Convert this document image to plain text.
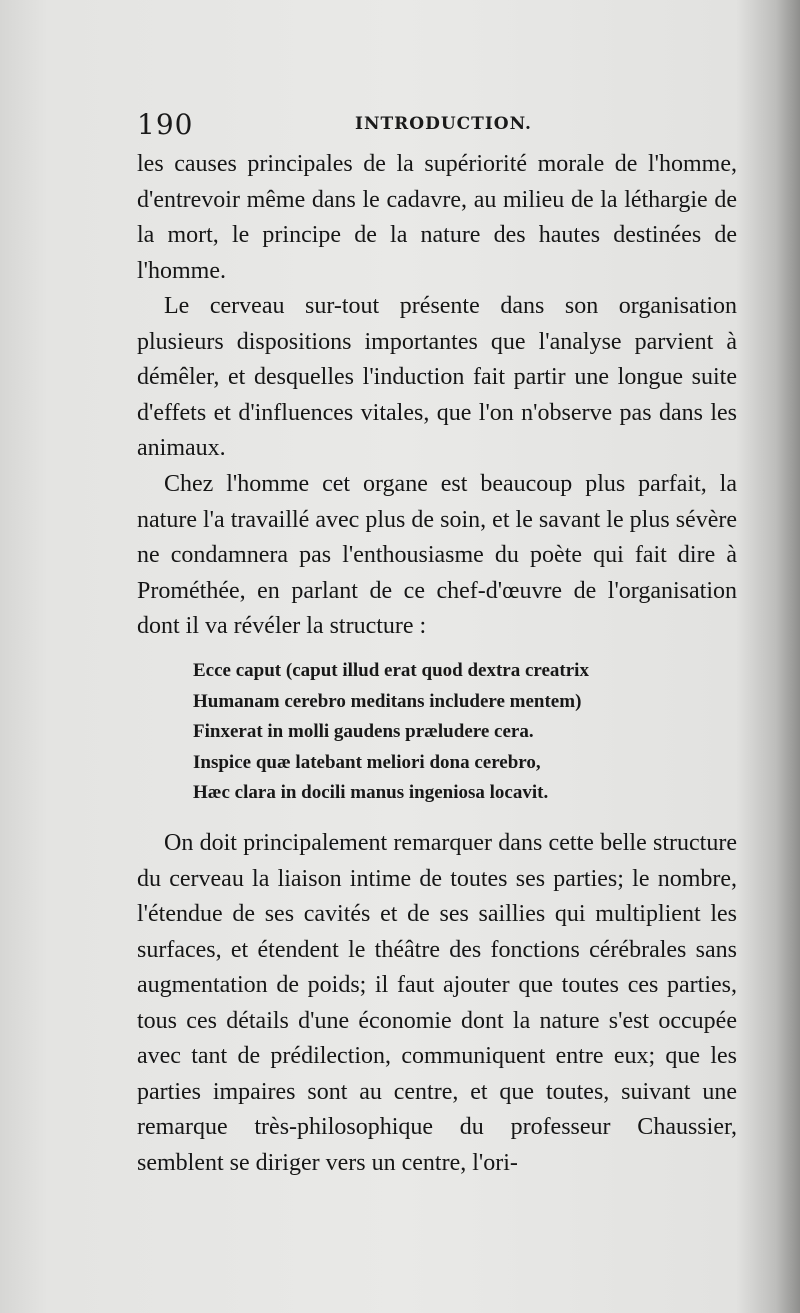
190	INTRODUCTION.

les causes principales de la supériorité morale de l'homme, d'entrevoir même dans le cadavre, au milieu de la léthargie de la mort, le principe de la nature des hautes destinées de l'homme.

Le cerveau sur-tout présente dans son organisation plusieurs dispositions importantes que l'analyse parvient à démêler, et desquelles l'induction fait partir une longue suite d'effets et d'influences vitales, que l'on n'observe pas dans les animaux.

Chez l'homme cet organe est beaucoup plus parfait, la nature l'a travaillé avec plus de soin, et le savant le plus sévère ne condamnera pas l'enthousiasme du poète qui fait dire à Prométhée, en parlant de ce chef-d'œuvre de l'organisation dont il va révéler la structure :

Ecce caput (caput illud erat quod dextra creatrix
Humanam cerebro meditans includere mentem)
Finxerat in molli gaudens præludere cera.
Inspice quæ latebant meliori dona cerebro,
Hæc clara in docili manus ingeniosa locavit.

On doit principalement remarquer dans cette belle structure du cerveau la liaison intime de toutes ses parties; le nombre, l'étendue de ses cavités et de ses saillies qui multiplient les surfaces, et étendent le théâtre des fonctions cérébrales sans augmentation de poids; il faut ajouter que toutes ces parties, tous ces détails d'une économie dont la nature s'est occupée avec tant de prédilection, communiquent entre eux; que les parties impaires sont au centre, et que toutes, suivant une remarque très-philosophique du professeur Chaussier, semblent se diriger vers un centre, l'ori-
